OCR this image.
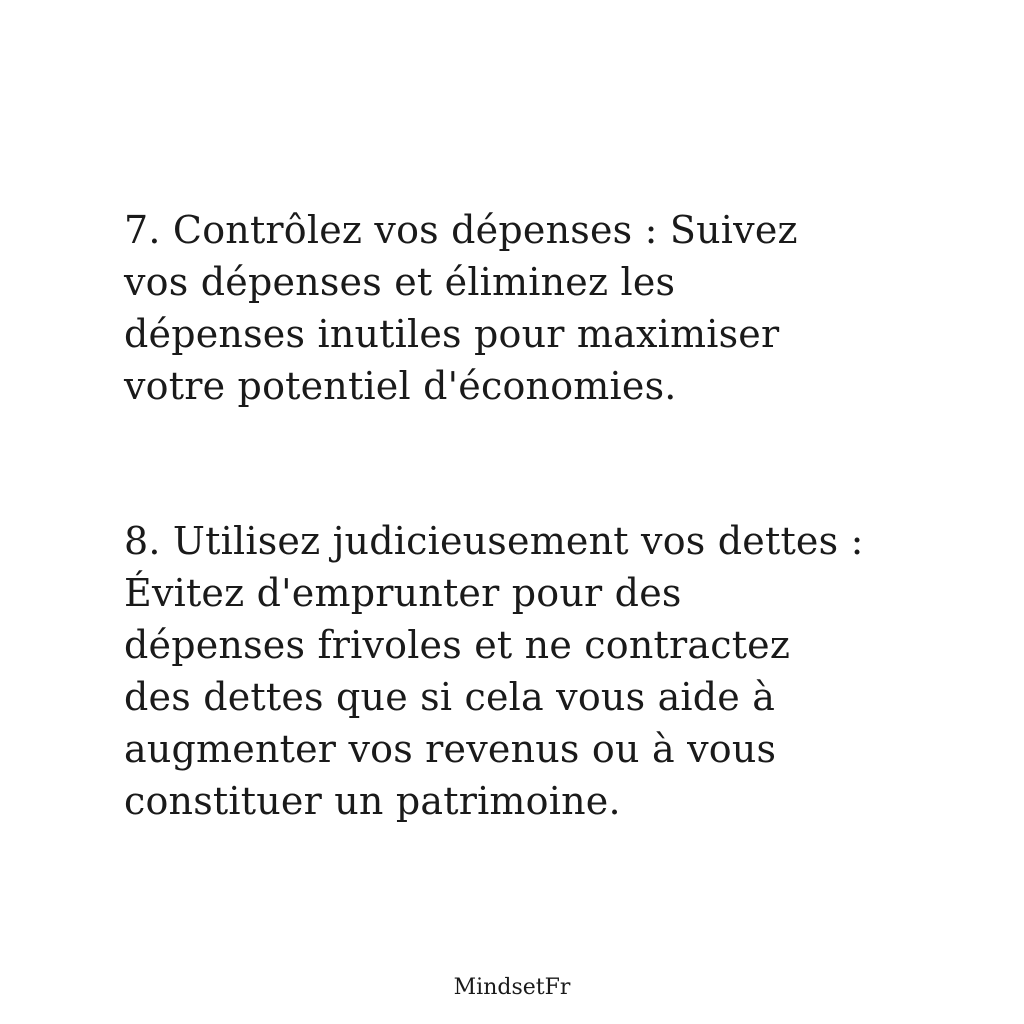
7. Contrôlez vos dépenses : Suivez
vos dépenses et éliminez les
dépenses inutiles pour maximiser
votre potentiel d'économies.

8. Utilisez judicieusement vos dettes :
Évitez d'emprunter pour des
dépenses frivoles et ne contractez
des dettes que si cela vous aide à
augmenter vos revenus ou à vous
constituer un patrimoine.

MindsetFr
